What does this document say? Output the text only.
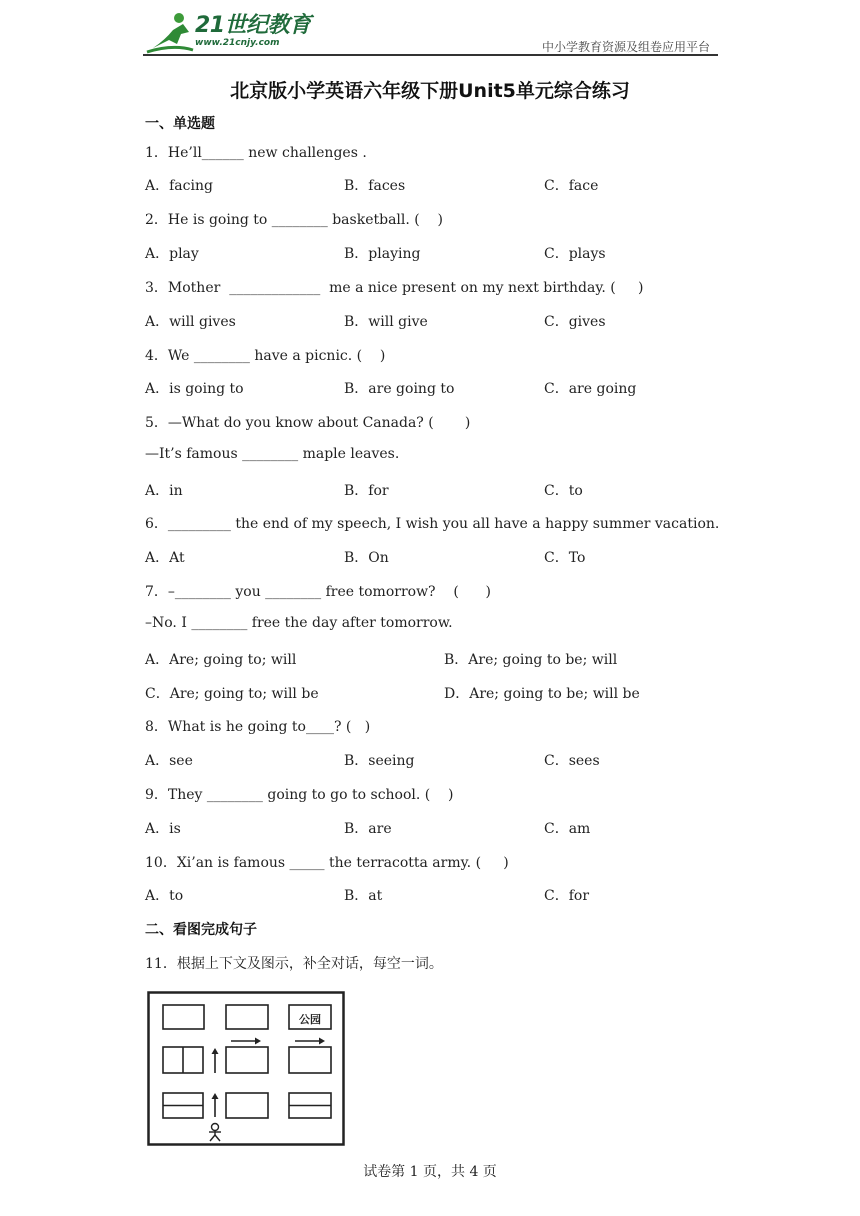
21世纪教育
www.21cnjy.com	中小学教育资源及组卷应用平台
北京版小学英语六年级下册Unit5单元综合练习
一、单选题
1．He’ll______ new challenges .
A．facing	B．faces	C．face
2．He is going to ________ basketball. (    )
A．play	B．playing	C．plays
3．Mother  _____________  me a nice present on my next birthday. (     )
A．will gives	B．will give	C．gives
4．We ________ have a picnic. (    )
A．is going to	B．are going to	C．are going
5．—What do you know about Canada? (       )
—It’s famous ________ maple leaves.
A．in	B．for	C．to
6．_________ the end of my speech, I wish you all have a happy summer vacation.
A．At	B．On	C．To
7．–________ you ________ free tomorrow?    (      )
–No. I ________ free the day after tomorrow.
A．Are; going to; will	B．Are; going to be; will
C．Are; going to; will be	D．Are; going to be; will be
8．What is he going to____? (   )
A．see	B．seeing	C．sees
9．They ________ going to go to school. (    )
A．is	B．are	C．am
10．Xi’an is famous _____ the terracotta army. (     )
A．to	B．at	C．for
二、看图完成句子
11．根据上下文及图示，补全对话，每空一词。
公园
试卷第 1 页，共 4 页
